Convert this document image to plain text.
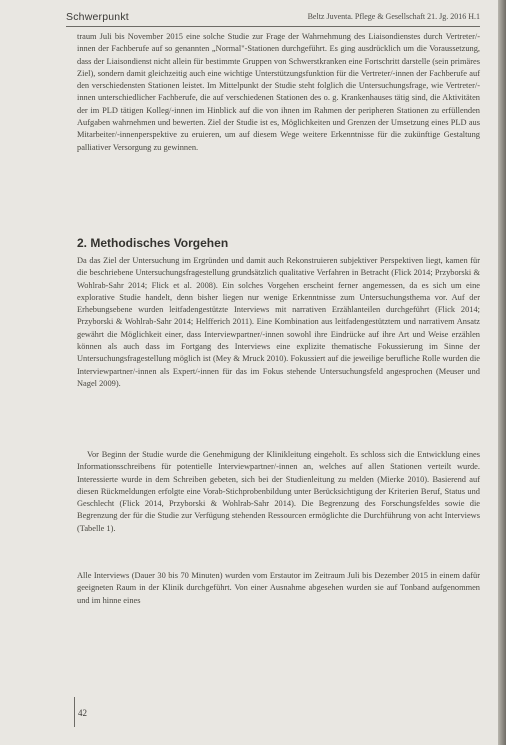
Schwerpunkt	Beltz Juventa. Pflege & Gesellschaft 21. Jg. 2016 H.1

traum Juli bis November 2015 eine solche Studie zur Frage der Wahrnehmung des Liaisondienstes durch Vertreter/-innen der Fachberufe auf so genannten „Normal"-Stationen durchgeführt. Es ging ausdrücklich um die Voraussetzung, dass der Liaisondienst nicht allein für bestimmte Gruppen von Schwerstkranken eine Fortschritt darstelle (sein primäres Ziel), sondern damit gleichzeitig auch eine wichtige Unterstützungsfunktion für die Vertreter/-innen der Fachberufe auf den verschiedensten Stationen leistet. Im Mittelpunkt der Studie steht folglich die Untersuchungsfrage, wie Vertreter/-innen unterschiedlicher Fachberufe, die auf verschiedenen Stationen des o. g. Krankenhauses tätig sind, die Aktivitäten der im PLD tätigen Kolleg/-innen im Hinblick auf die von ihnen im Rahmen der peripheren Stationen zu erfüllenden Aufgaben wahrnehmen und bewerten. Ziel der Studie ist es, Möglichkeiten und Grenzen der Umsetzung eines PLD aus Mitarbeiter/-innenperspektive zu eruieren, um auf diesem Wege weitere Erkenntnisse für die zukünftige Gestaltung palliativer Versorgung zu gewinnen.

2. Methodisches Vorgehen

Da das Ziel der Untersuchung im Ergründen und damit auch Rekonstruieren subjektiver Perspektiven liegt, kamen für die beschriebene Untersuchungsfragestellung grundsätzlich qualitative Verfahren in Betracht (Flick 2014; Przyborski & Wohlrab-Sahr 2014; Flick et al. 2008). Ein solches Vorgehen erscheint ferner angemessen, da es sich um eine explorative Studie handelt, denn bisher liegen nur wenige Erkenntnisse zum Untersuchungsthema vor. Auf der Erhebungsebene wurden leitfadengestützte Interviews mit narrativen Erzählanteilen durchgeführt (Flick 2014; Przyborski & Wohlrab-Sahr 2014; Helfferich 2011). Eine Kombination aus leitfadengestütztem und narrativem Ansatz gewährt die Möglichkeit einer, dass Interviewpartner/-innen sowohl ihre Eindrücke auf ihre Art und Weise erzählen können als auch dass im Fortgang des Interviews eine explizite thematische Fokussierung im Sinne der Untersuchungsfragestellung möglich ist (Mey & Mruck 2010). Fokussiert auf die jeweilige berufliche Rolle wurden die Interviewpartner/-innen als Expert/-innen für das im Fokus stehende Untersuchungsfeld angesprochen (Meuser und Nagel 2009).

Vor Beginn der Studie wurde die Genehmigung der Klinikleitung eingeholt. Es schloss sich die Entwicklung eines Informationsschreibens für potentielle Interviewpartner/-innen an, welches auf allen Stationen verteilt wurde. Interessierte wurde in dem Schreiben gebeten, sich bei der Studienleitung zu melden (Mierke 2010). Basierend auf diesen Rückmeldungen erfolgte eine Vorab-Stichprobenbildung unter Berücksichtigung der Kriterien Beruf, Status und Geschlecht (Flick 2014, Przyborski & Wohlrab-Sahr 2014). Die Begrenzung des Forschungsfeldes sowie die Begrenzung der für die Studie zur Verfügung stehenden Ressourcen ermöglichte die Durchführung von acht Interviews (Tabelle 1).

Alle Interviews (Dauer 30 bis 70 Minuten) wurden vom Erstautor im Zeitraum Juli bis Dezember 2015 in einem dafür geeigneten Raum in der Klinik durchgeführt. Von einer Ausnahme abgesehen wurden sie auf Tonband aufgenommen und im hinne eines

42
